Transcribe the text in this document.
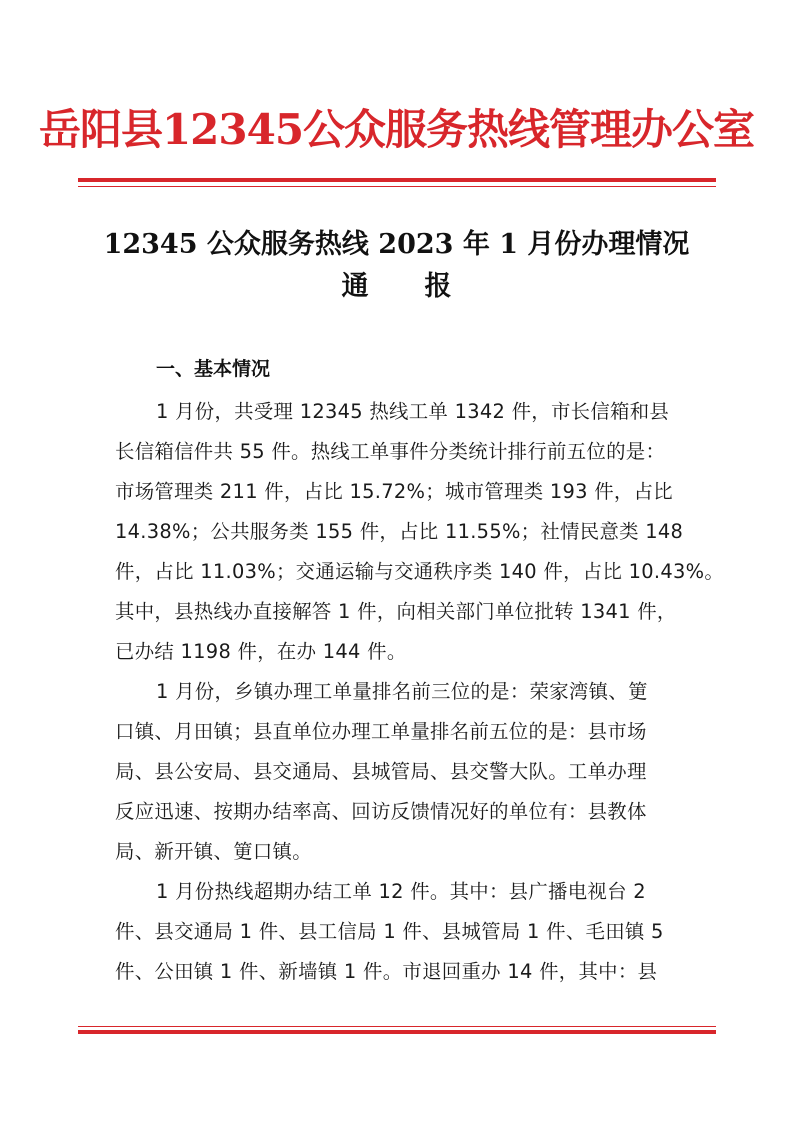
岳阳县12345公众服务热线管理办公室
12345 公众服务热线 2023 年 1 月份办理情况
通报
一、基本情况
1 月份，共受理 12345 热线工单 1342 件，市长信箱和县
长信箱信件共 55 件。热线工单事件分类统计排行前五位的是：
市场管理类 211 件，占比 15.72%；城市管理类 193 件，占比
14.38%；公共服务类 155 件，占比 11.55%；社情民意类 148
件，占比 11.03%；交通运输与交通秩序类 140 件，占比 10.43%。
其中，县热线办直接解答 1 件，向相关部门单位批转 1341 件，
已办结 1198 件，在办 144 件。
1 月份，乡镇办理工单量排名前三位的是：荣家湾镇、筻
口镇、月田镇；县直单位办理工单量排名前五位的是：县市场
局、县公安局、县交通局、县城管局、县交警大队。工单办理
反应迅速、按期办结率高、回访反馈情况好的单位有：县教体
局、新开镇、筻口镇。
1 月份热线超期办结工单 12 件。其中：县广播电视台 2
件、县交通局 1 件、县工信局 1 件、县城管局 1 件、毛田镇 5
件、公田镇 1 件、新墙镇 1 件。市退回重办 14 件，其中：县
